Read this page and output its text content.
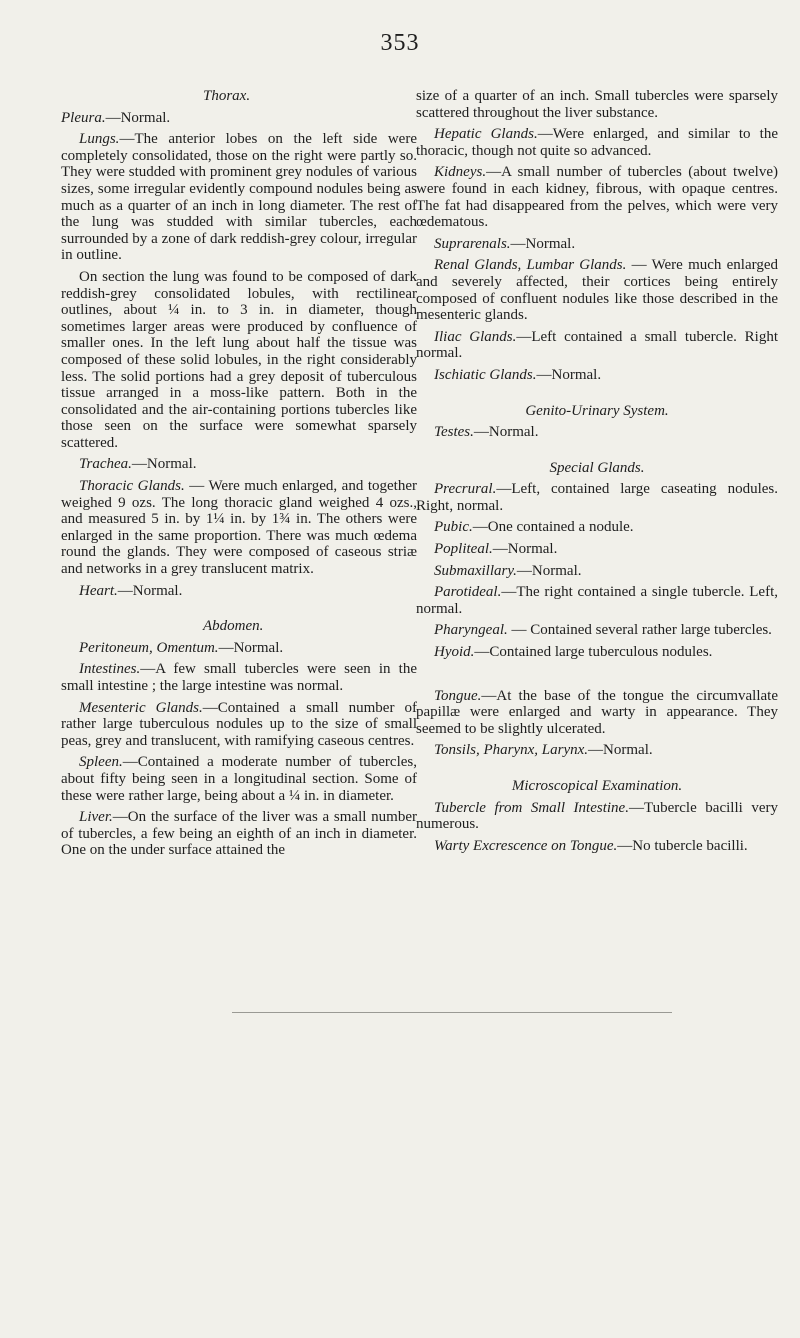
353
Thorax.

Pleura.—Normal.

Lungs.—The anterior lobes on the left side were completely consolidated, those on the right were partly so. They were studded with prominent grey nodules of various sizes, some irregular evidently compound nodules being as much as a quarter of an inch in long diameter. The rest of the lung was studded with similar tubercles, each surrounded by a zone of dark reddish-grey colour, irregular in outline.

On section the lung was found to be composed of dark reddish-grey consolidated lobules, with rectilinear outlines, about ¼ in. to 3 in. in diameter, though sometimes larger areas were produced by confluence of smaller ones. In the left lung about half the tissue was composed of these solid lobules, in the right considerably less. The solid portions had a grey deposit of tuberculous tissue arranged in a moss-like pattern. Both in the consolidated and the air-containing portions tubercles like those seen on the surface were somewhat sparsely scattered.

Trachea.—Normal.

Thoracic Glands. — Were much enlarged, and together weighed 9 ozs. The long thoracic gland weighed 4 ozs., and measured 5 in. by 1¼ in. by 1¾ in. The others were enlarged in the same proportion. There was much œdema round the glands. They were composed of caseous striæ and networks in a grey translucent matrix.

Heart.—Normal.

Abdomen.

Peritoneum, Omentum.—Normal.

Intestines.—A few small tubercles were seen in the small intestine ; the large intestine was normal.

Mesenteric Glands.—Contained a small number of rather large tuberculous nodules up to the size of small peas, grey and translucent, with ramifying caseous centres.

Spleen.—Contained a moderate number of tubercles, about fifty being seen in a longitudinal section. Some of these were rather large, being about a ¼ in. in diameter.

Liver.—On the surface of the liver was a small number of tubercles, a few being an eighth of an inch in diameter. One on the under surface attained the

size of a quarter of an inch. Small tubercles were sparsely scattered throughout the liver substance.

Hepatic Glands.—Were enlarged, and similar to the thoracic, though not quite so advanced.

Kidneys.—A small number of tubercles (about twelve) were found in each kidney, fibrous, with opaque centres. The fat had disappeared from the pelves, which were very œdematous.

Suprarenals.—Normal.

Renal Glands, Lumbar Glands. — Were much enlarged and severely affected, their cortices being entirely composed of confluent nodules like those described in the mesenteric glands.

Iliac Glands.—Left contained a small tubercle. Right normal.

Ischiatic Glands.—Normal.

Genito-Urinary System.

Testes.—Normal.

Special Glands.

Precrural.—Left, contained large caseating nodules. Right, normal.

Pubic.—One contained a nodule.

Popliteal.—Normal.

Submaxillary.—Normal.

Parotideal.—The right contained a single tubercle. Left, normal.

Pharyngeal. — Contained several rather large tubercles.

Hyoid.—Contained large tuberculous nodules.

Tongue.—At the base of the tongue the circumvallate papillæ were enlarged and warty in appearance. They seemed to be slightly ulcerated.

Tonsils, Pharynx, Larynx.—Normal.

Microscopical Examination.

Tubercle from Small Intestine.—Tubercle bacilli very numerous.

Warty Excrescence on Tongue.—No tubercle bacilli.
